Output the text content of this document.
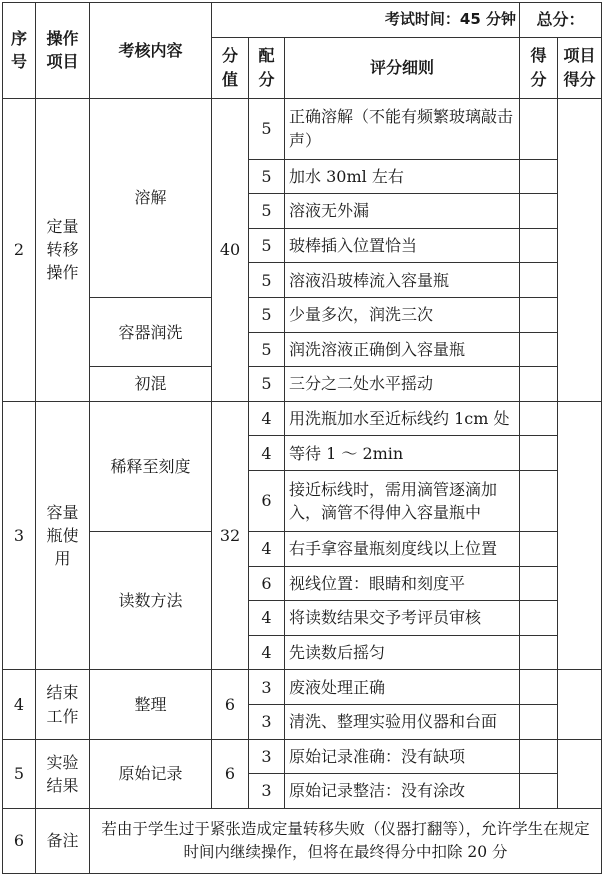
序号	操作项目	考核内容	考试时间：45 分钟			总分：	
			分值	配分	评分细则	得分	项目得分
2	定量转移操作	溶解	40	5	正确溶解（不能有频繁玻璃敲击声）		
				5	加水 30ml 左右		
				5	溶液无外漏		
				5	玻棒插入位置恰当		
				5	溶液沿玻棒流入容量瓶		
		容器润洗		5	少量多次，润洗三次		
				5	润洗溶液正确倒入容量瓶		
		初混		5	三分之二处水平摇动		
3	容量瓶使用	稀释至刻度	32	4	用洗瓶加水至近标线约 1cm 处		
				4	等待 1 ～ 2min		
				6	接近标线时，需用滴管逐滴加入，滴管不得伸入容量瓶中		
		读数方法		4	右手拿容量瓶刻度线以上位置		
				6	视线位置：眼睛和刻度平		
				4	将读数结果交予考评员审核		
				4	先读数后摇匀		
4	结束工作	整理	6	3	废液处理正确		
				3	清洗、整理实验用仪器和台面		
5	实验结果	原始记录	6	3	原始记录准确：没有缺项		
				3	原始记录整洁：没有涂改		
6	备注	若由于学生过于紧张造成定量转移失败（仪器打翻等），允许学生在规定时间内继续操作，但将在最终得分中扣除 20 分					
